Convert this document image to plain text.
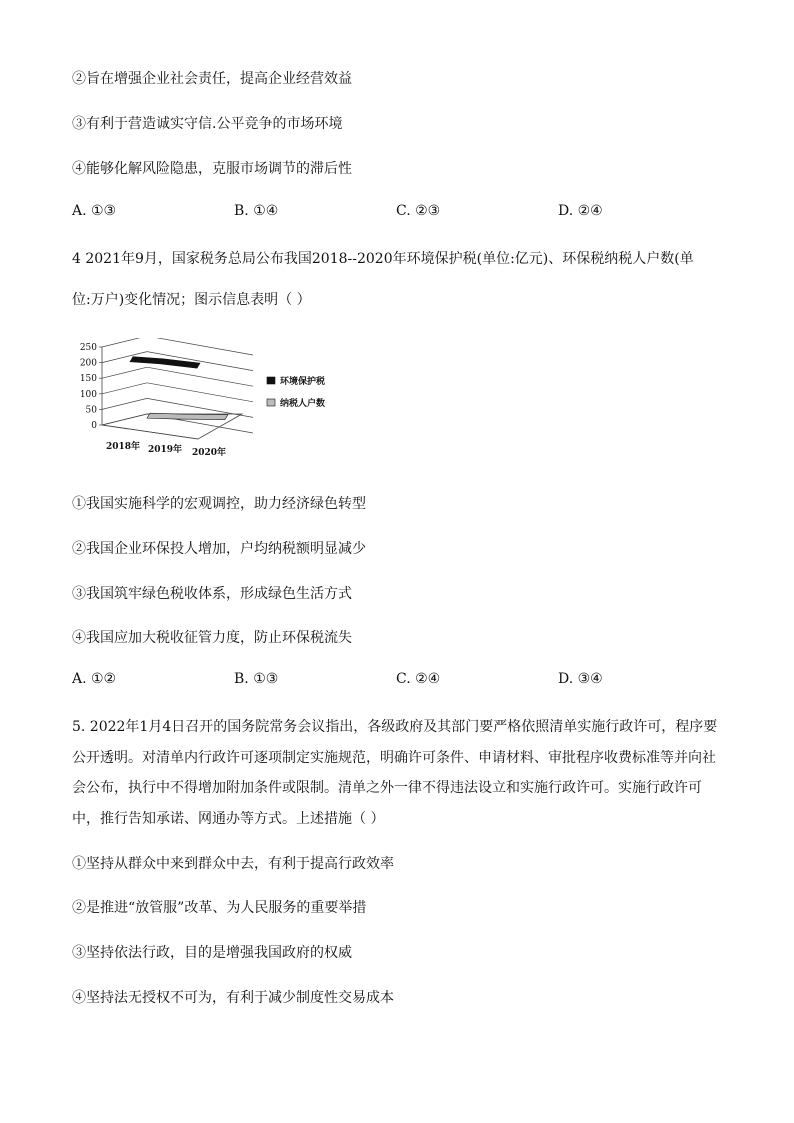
②旨在增强企业社会责任，提高企业经营效益
③有利于营造诚实守信.公平竞争的市场环境
④能够化解风险隐患，克服市场调节的滞后性
A. ①③	B. ①④	C. ②③	D. ②④
4 2021年9月，国家税务总局公布我国2018--2020年环境保护税(单位:亿元)、环保税纳税人户数(单
位:万户)变化情况；图示信息表明（ ）
250
200
150
100
50
0
2018年 2019年 2020年
环境保护税
纳税人户数
①我国实施科学的宏观调控，助力经济绿色转型
②我国企业环保投人增加，户均纳税额明显减少
③我国筑牢绿色税收体系，形成绿色生活方式
④我国应加大税收征管力度，防止环保税流失
A. ①②	B. ①③	C. ②④	D. ③④
5. 2022年1月4日召开的国务院常务会议指出，各级政府及其部门要严格依照清单实施行政许可，程序要
公开透明。对清单内行政许可逐项制定实施规范，明确许可条件、申请材料、审批程序收费标准等并向社
会公布，执行中不得增加附加条件或限制。清单之外一律不得违法设立和实施行政许可。实施行政许可
中，推行告知承诺、网通办等方式。上述措施（ ）
①坚持从群众中来到群众中去，有利于提高行政效率
②是推进“放管服”改革、为人民服务的重要举措
③坚持依法行政，目的是增强我国政府的权威
④坚持法无授权不可为，有利于减少制度性交易成本
